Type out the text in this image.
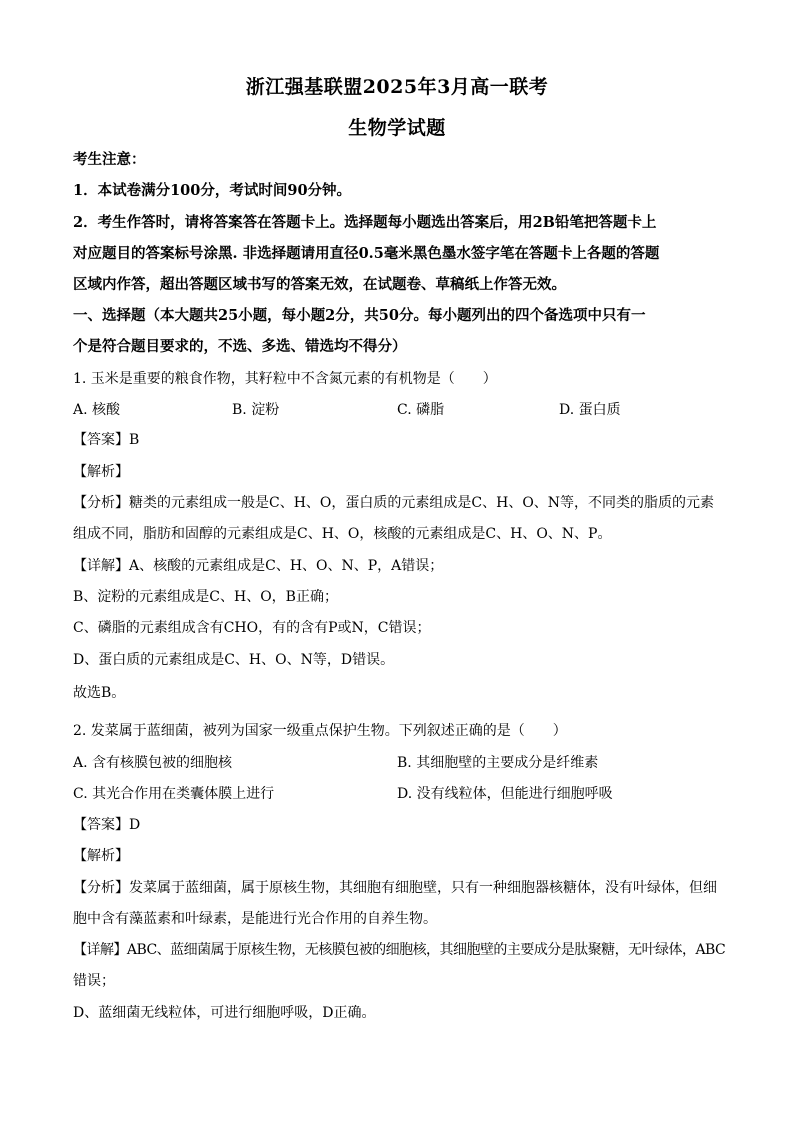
浙江强基联盟2025年3月高一联考
生物学试题
考生注意：
1．本试卷满分100分，考试时间90分钟。
2．考生作答时，请将答案答在答题卡上。选择题每小题选出答案后，用2B铅笔把答题卡上
对应题目的答案标号涂黑. 非选择题请用直径0.5毫米黑色墨水签字笔在答题卡上各题的答题
区域内作答，超出答题区域书写的答案无效，在试题卷、草稿纸上作答无效。
一、选择题（本大题共25小题，每小题2分，共50分。每小题列出的四个备选项中只有一
个是符合题目要求的，不选、多选、错选均不得分）
1. 玉米是重要的粮食作物，其籽粒中不含氮元素的有机物是（　　）
A. 核酸	B. 淀粉	C. 磷脂	D. 蛋白质
【答案】B
【解析】
【分析】糖类的元素组成一般是C、H、O，蛋白质的元素组成是C、H、O、N等，不同类的脂质的元素
组成不同，脂肪和固醇的元素组成是C、H、O，核酸的元素组成是C、H、O、N、P。
【详解】A、核酸的元素组成是C、H、O、N、P，A错误；
B、淀粉的元素组成是C、H、O，B正确；
C、磷脂的元素组成含有CHO，有的含有P或N，C错误；
D、蛋白质的元素组成是C、H、O、N等，D错误。
故选B。
2. 发菜属于蓝细菌，被列为国家一级重点保护生物。下列叙述正确的是（　　）
A. 含有核膜包被的细胞核	B. 其细胞壁的主要成分是纤维素
C. 其光合作用在类囊体膜上进行	D. 没有线粒体，但能进行细胞呼吸
【答案】D
【解析】
【分析】发菜属于蓝细菌，属于原核生物，其细胞有细胞壁，只有一种细胞器核糖体，没有叶绿体，但细
胞中含有藻蓝素和叶绿素，是能进行光合作用的自养生物。
【详解】ABC、蓝细菌属于原核生物，无核膜包被的细胞核，其细胞壁的主要成分是肽聚糖，无叶绿体，ABC
错误；
D、蓝细菌无线粒体，可进行细胞呼吸，D正确。
